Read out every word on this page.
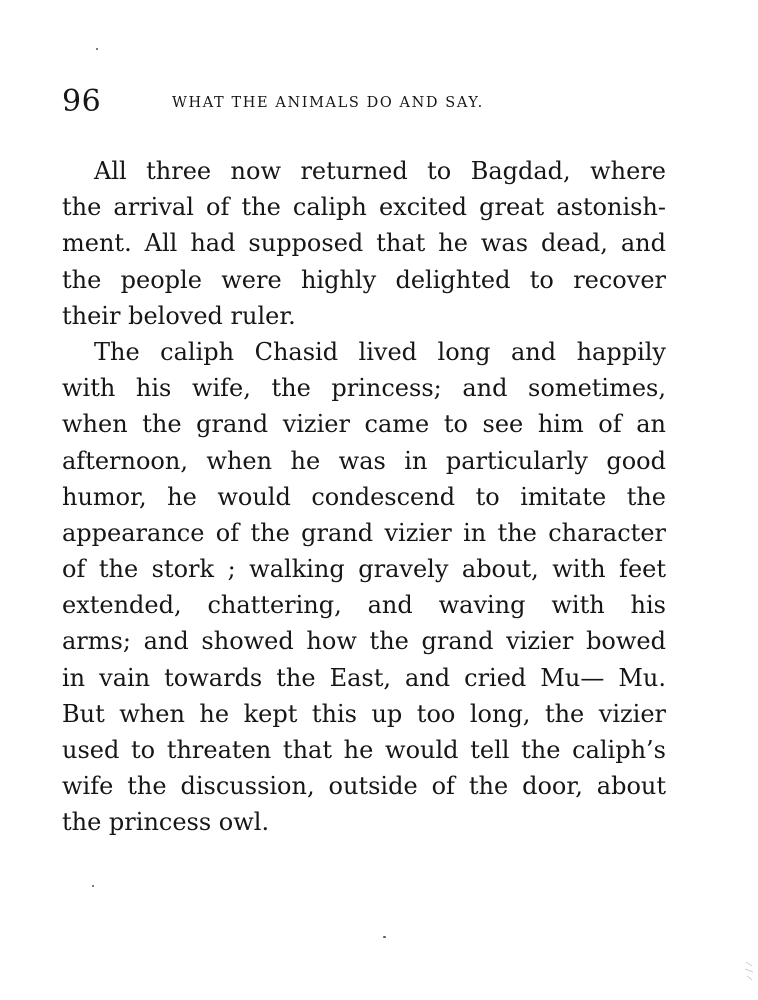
96	WHAT THE ANIMALS DO AND SAY.
All three now returned to Bagdad, where
the arrival of the caliph excited great astonish-
ment. All had supposed that he was dead, and
the people were highly delighted to recover
their beloved ruler.
The caliph Chasid lived long and happily
with his wife, the princess; and sometimes,
when the grand vizier came to see him of an
afternoon, when he was in particularly good
humor, he would condescend to imitate the
appearance of the grand vizier in the character
of the stork ; walking gravely about, with feet
extended, chattering, and waving with his
arms; and showed how the grand vizier bowed
in vain towards the East, and cried Mu— Mu.
But when he kept this up too long, the vizier
used to threaten that he would tell the caliph’s
wife the discussion, outside of the door, about
the princess owl.
